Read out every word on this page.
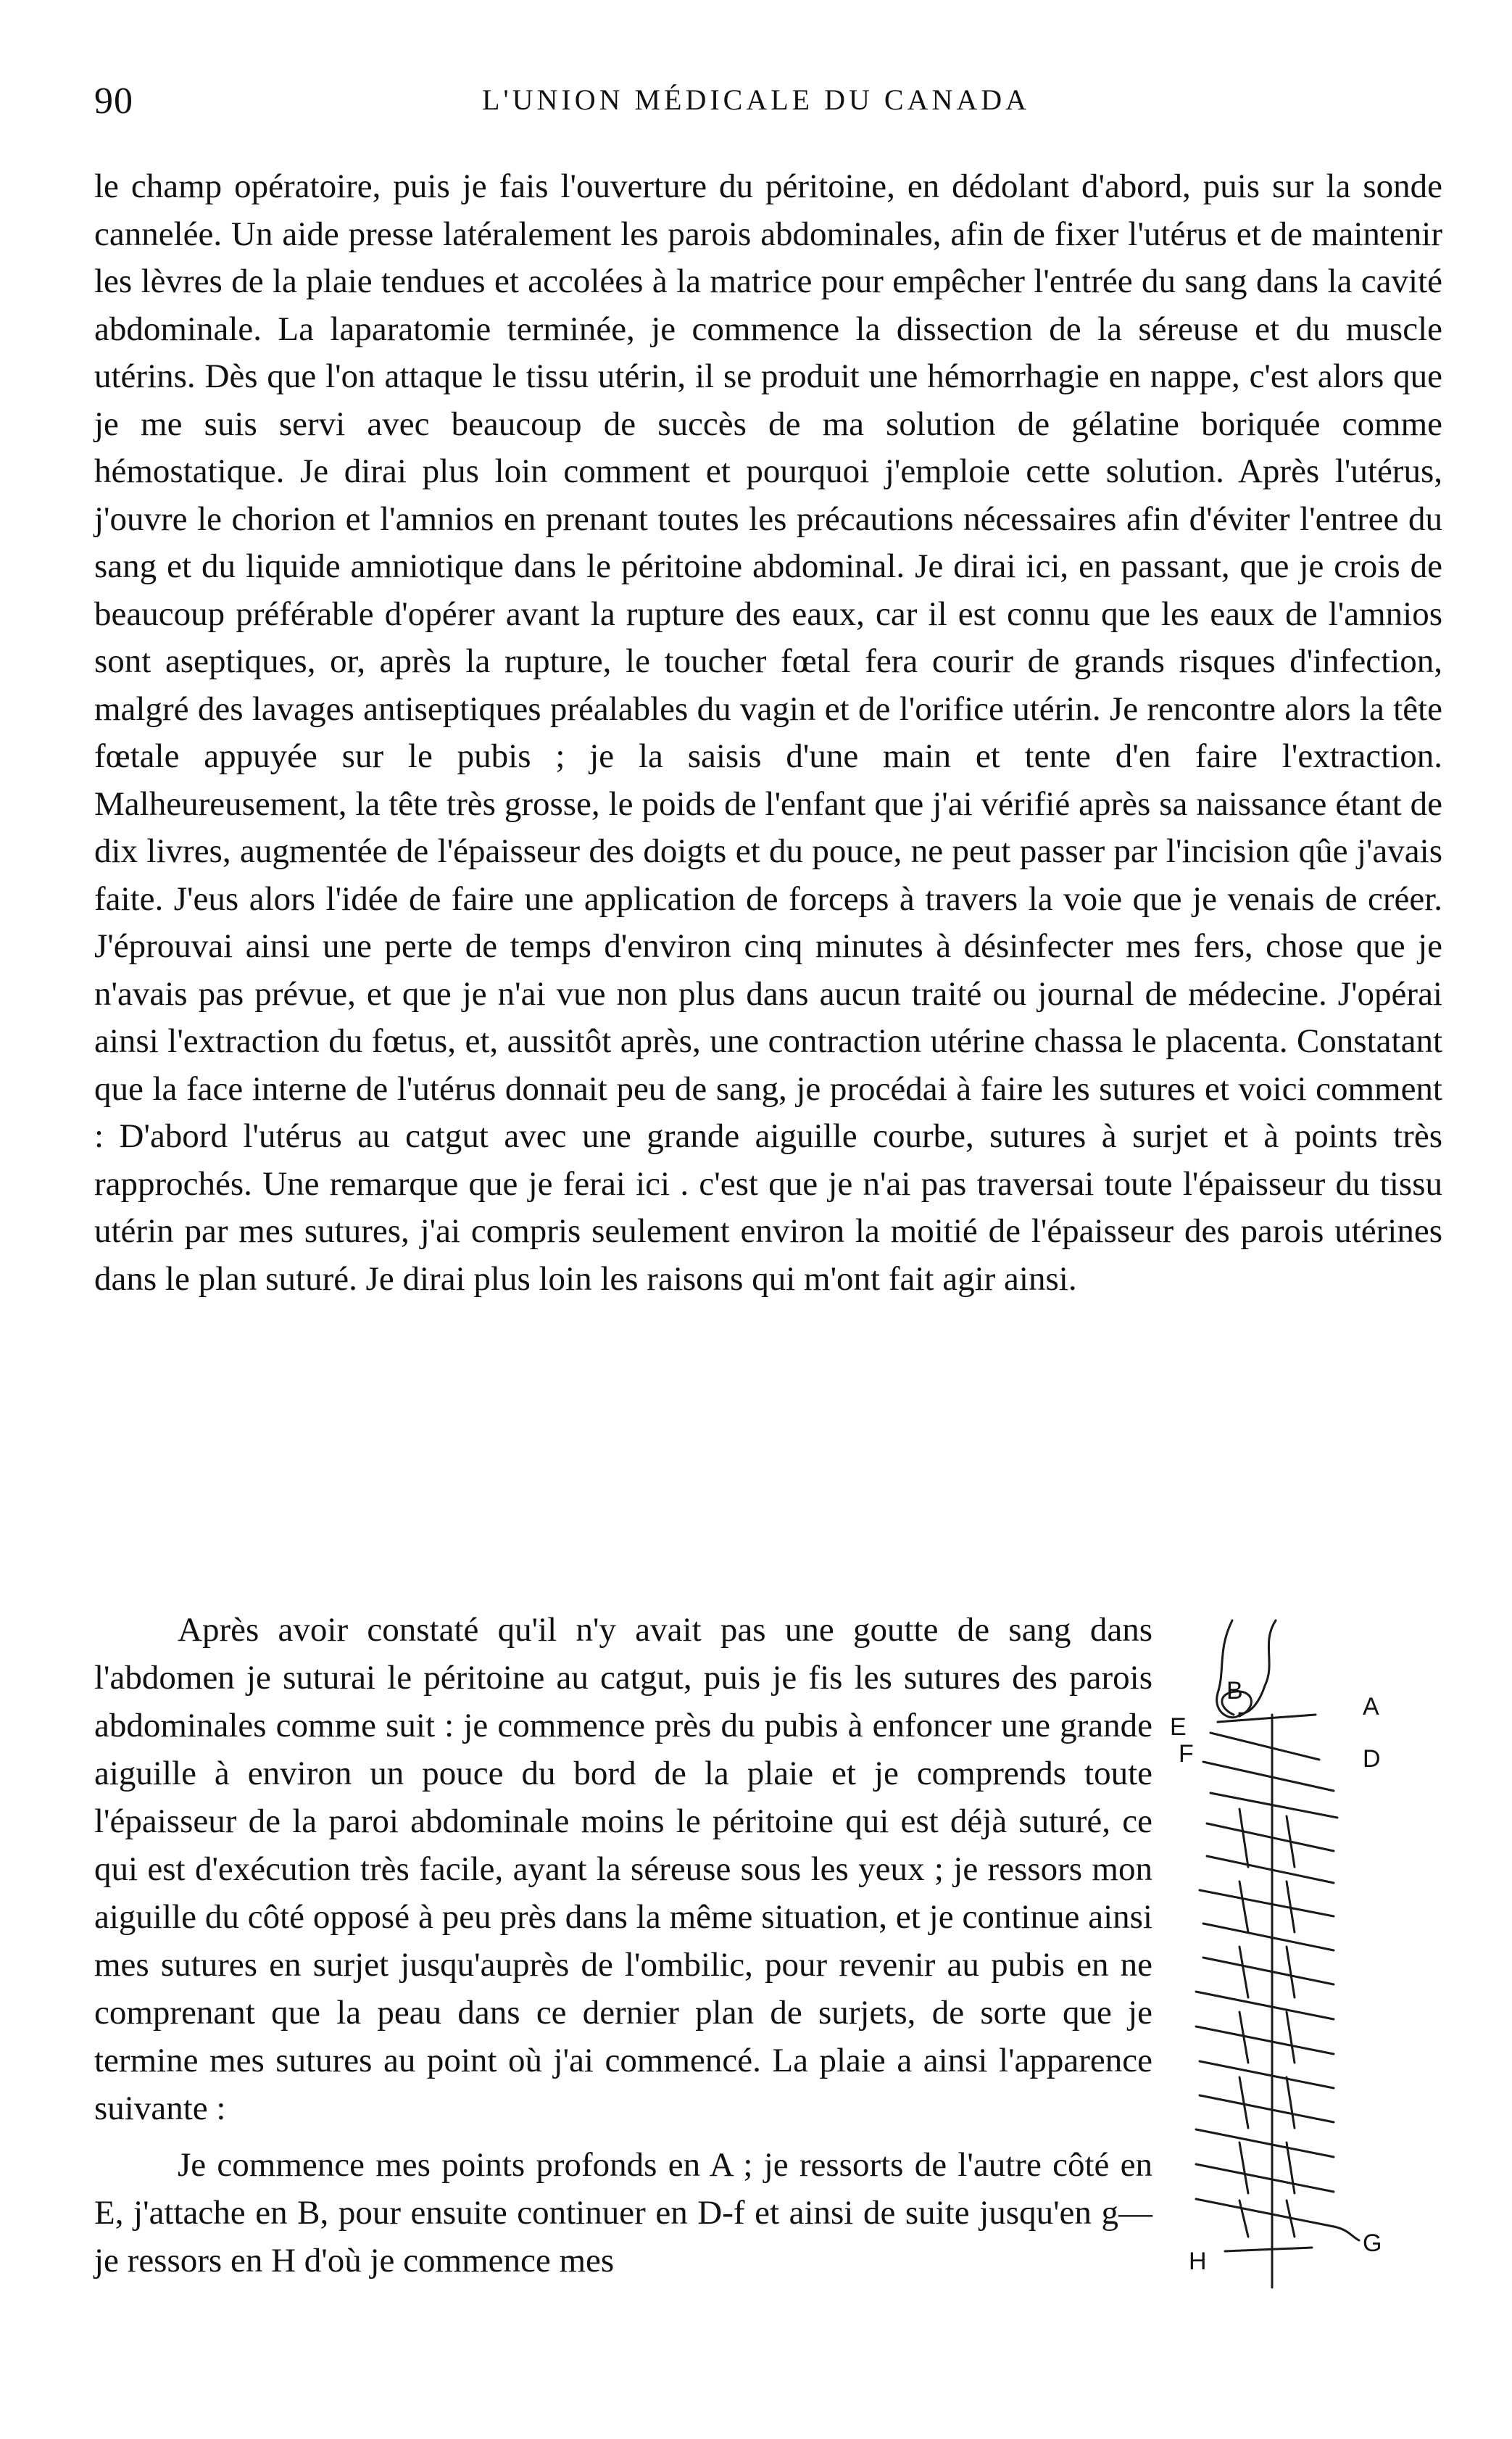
90	L'UNION MÉDICALE DU CANADA

le champ opératoire, puis je fais l'ouverture du péritoine, en dédolant d'abord, puis sur la sonde cannelée. Un aide presse latéralement les parois abdominales, afin de fixer l'utérus et de maintenir les lèvres de la plaie tendues et accolées à la matrice pour empêcher l'entrée du sang dans la cavité abdominale. La laparatomie terminée, je commence la dissection de la séreuse et du muscle utérins. Dès que l'on attaque le tissu utérin, il se produit une hémorrhagie en nappe, c'est alors que je me suis servi avec beaucoup de succès de ma solution de gélatine boriquée comme hémostatique. Je dirai plus loin comment et pourquoi j'emploie cette solution. Après l'utérus, j'ouvre le chorion et l'amnios en prenant toutes les précautions nécessaires afin d'éviter l'entree du sang et du liquide amniotique dans le péritoine abdominal. Je dirai ici, en passant, que je crois de beaucoup préférable d'opérer avant la rupture des eaux, car il est connu que les eaux de l'amnios sont aseptiques, or, après la rupture, le toucher fœtal fera courir de grands risques d'infection, malgré des lavages antiseptiques préalables du vagin et de l'orifice utérin. Je rencontre alors la tête fœtale appuyée sur le pubis ; je la saisis d'une main et tente d'en faire l'extraction. Malheureusement, la tête très grosse, le poids de l'enfant que j'ai vérifié après sa naissance étant de dix livres, augmentée de l'épaisseur des doigts et du pouce, ne peut passer par l'incision qûe j'avais faite. J'eus alors l'idée de faire une application de forceps à travers la voie que je venais de créer. J'éprouvai ainsi une perte de temps d'environ cinq minutes à désinfecter mes fers, chose que je n'avais pas prévue, et que je n'ai vue non plus dans aucun traité ou journal de médecine. J'opérai ainsi l'extraction du fœtus, et, aussitôt après, une contraction utérine chassa le placenta. Constatant que la face interne de l'utérus donnait peu de sang, je procédai à faire les sutures et voici comment : D'abord l'utérus au catgut avec une grande aiguille courbe, sutures à surjet et à points très rapprochés. Une remarque que je ferai ici . c'est que je n'ai pas traversai toute l'épaisseur du tissu utérin par mes sutures, j'ai compris seulement environ la moitié de l'épaisseur des parois utérines dans le plan suturé. Je dirai plus loin les raisons qui m'ont fait agir ainsi.

Après avoir constaté qu'il n'y avait pas une goutte de sang dans l'abdomen je suturai le péritoine au catgut, puis je fis les sutures des parois abdominales comme suit : je commence près du pubis à enfoncer une grande aiguille à environ un pouce du bord de la plaie et je comprends toute l'épaisseur de la paroi abdominale moins le péritoine qui est déjà suturé, ce qui est d'exécution très facile, ayant la séreuse sous les yeux ; je ressors mon aiguille du côté opposé à peu près dans la même situation, et je continue ainsi mes sutures en surjet jusqu'auprès de l'ombilic, pour revenir au pubis en ne comprenant que la peau dans ce dernier plan de surjets, de sorte que je termine mes sutures au point où j'ai commencé. La plaie a ainsi l'apparence suivante :

Je commence mes points profonds en A ; je ressorts de l'autre côté en E, j'attache en B, pour ensuite continuer en D-f et ainsi de suite jusqu'en g—je ressors en H d'où je commence mes

B
A
E
F	D
G
H
